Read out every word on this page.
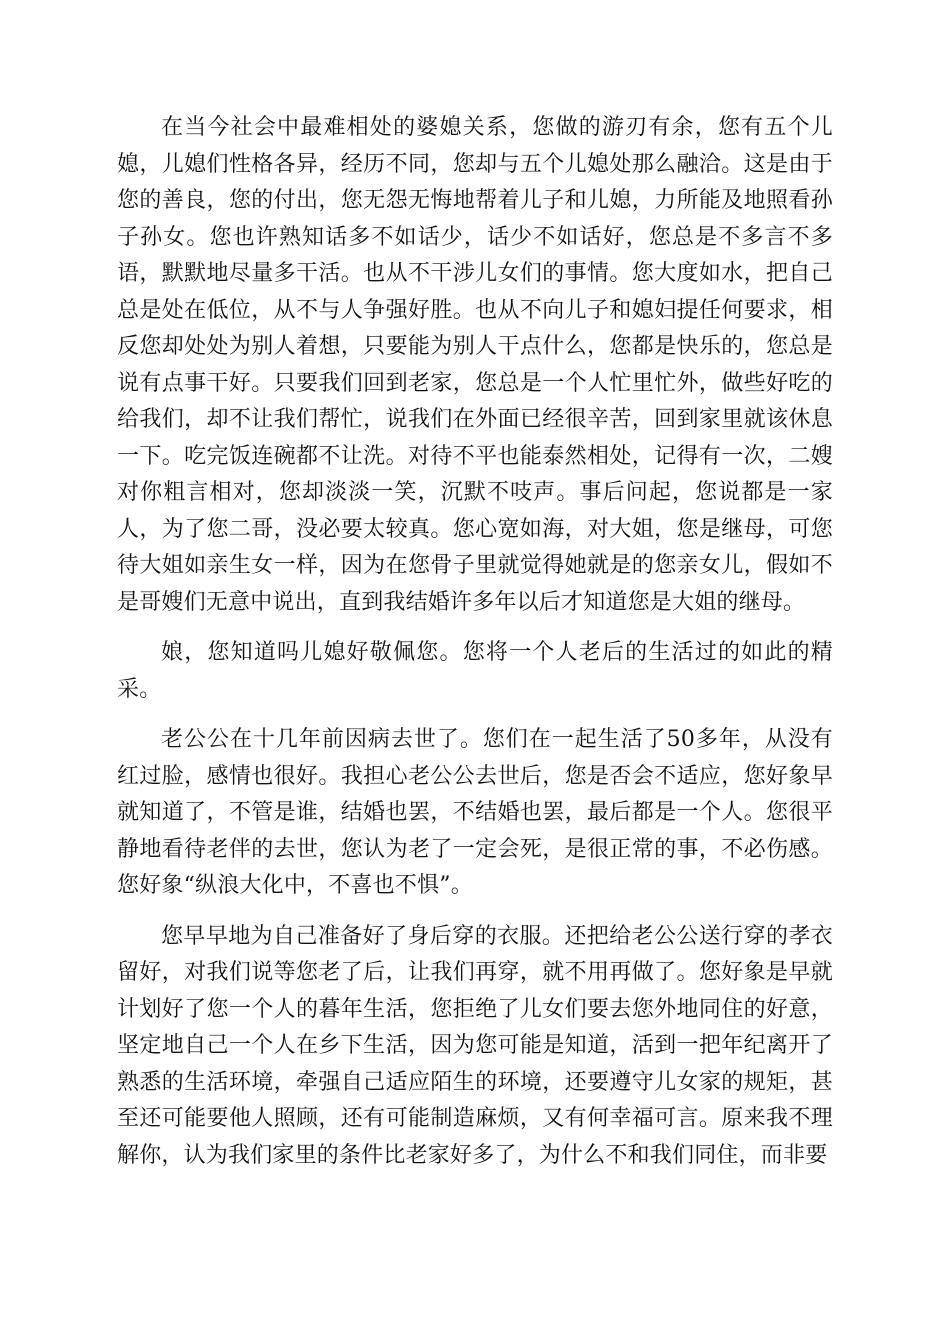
在当今社会中最难相处的婆媳关系，您做的游刃有余，您有五个儿媳，儿媳们性格各异，经历不同，您却与五个儿媳处那么融洽。这是由于您的善良，您的付出，您无怨无悔地帮着儿子和儿媳，力所能及地照看孙子孙女。您也许熟知话多不如话少，话少不如话好，您总是不多言不多语，默默地尽量多干活。也从不干涉儿女们的事情。您大度如水，把自己总是处在低位，从不与人争强好胜。也从不向儿子和媳妇提任何要求，相反您却处处为别人着想，只要能为别人干点什么，您都是快乐的，您总是说有点事干好。只要我们回到老家，您总是一个人忙里忙外，做些好吃的给我们，却不让我们帮忙，说我们在外面已经很辛苦，回到家里就该休息一下。吃完饭连碗都不让洗。对待不平也能泰然相处，记得有一次，二嫂对你粗言相对，您却淡淡一笑，沉默不吱声。事后问起，您说都是一家人，为了您二哥，没必要太较真。您心宽如海，对大姐，您是继母，可您待大姐如亲生女一样，因为在您骨子里就觉得她就是的您亲女儿，假如不是哥嫂们无意中说出，直到我结婚许多年以后才知道您是大姐的继母。

娘，您知道吗儿媳好敬佩您。您将一个人老后的生活过的如此的精采。

老公公在十几年前因病去世了。您们在一起生活了50多年，从没有红过脸，感情也很好。我担心老公公去世后，您是否会不适应，您好象早就知道了，不管是谁，结婚也罢，不结婚也罢，最后都是一个人。您很平静地看待老伴的去世，您认为老了一定会死，是很正常的事，不必伤感。您好象“纵浪大化中，不喜也不惧”。

您早早地为自己准备好了身后穿的衣服。还把给老公公送行穿的孝衣留好，对我们说等您老了后，让我们再穿，就不用再做了。您好象是早就计划好了您一个人的暮年生活，您拒绝了儿女们要去您外地同住的好意，坚定地自己一个人在乡下生活，因为您可能是知道，活到一把年纪离开了熟悉的生活环境，牵强自己适应陌生的环境，还要遵守儿女家的规矩，甚至还可能要他人照顾，还有可能制造麻烦，又有何幸福可言。原来我不理解你，认为我们家里的条件比老家好多了，为什么不和我们同住，而非要
